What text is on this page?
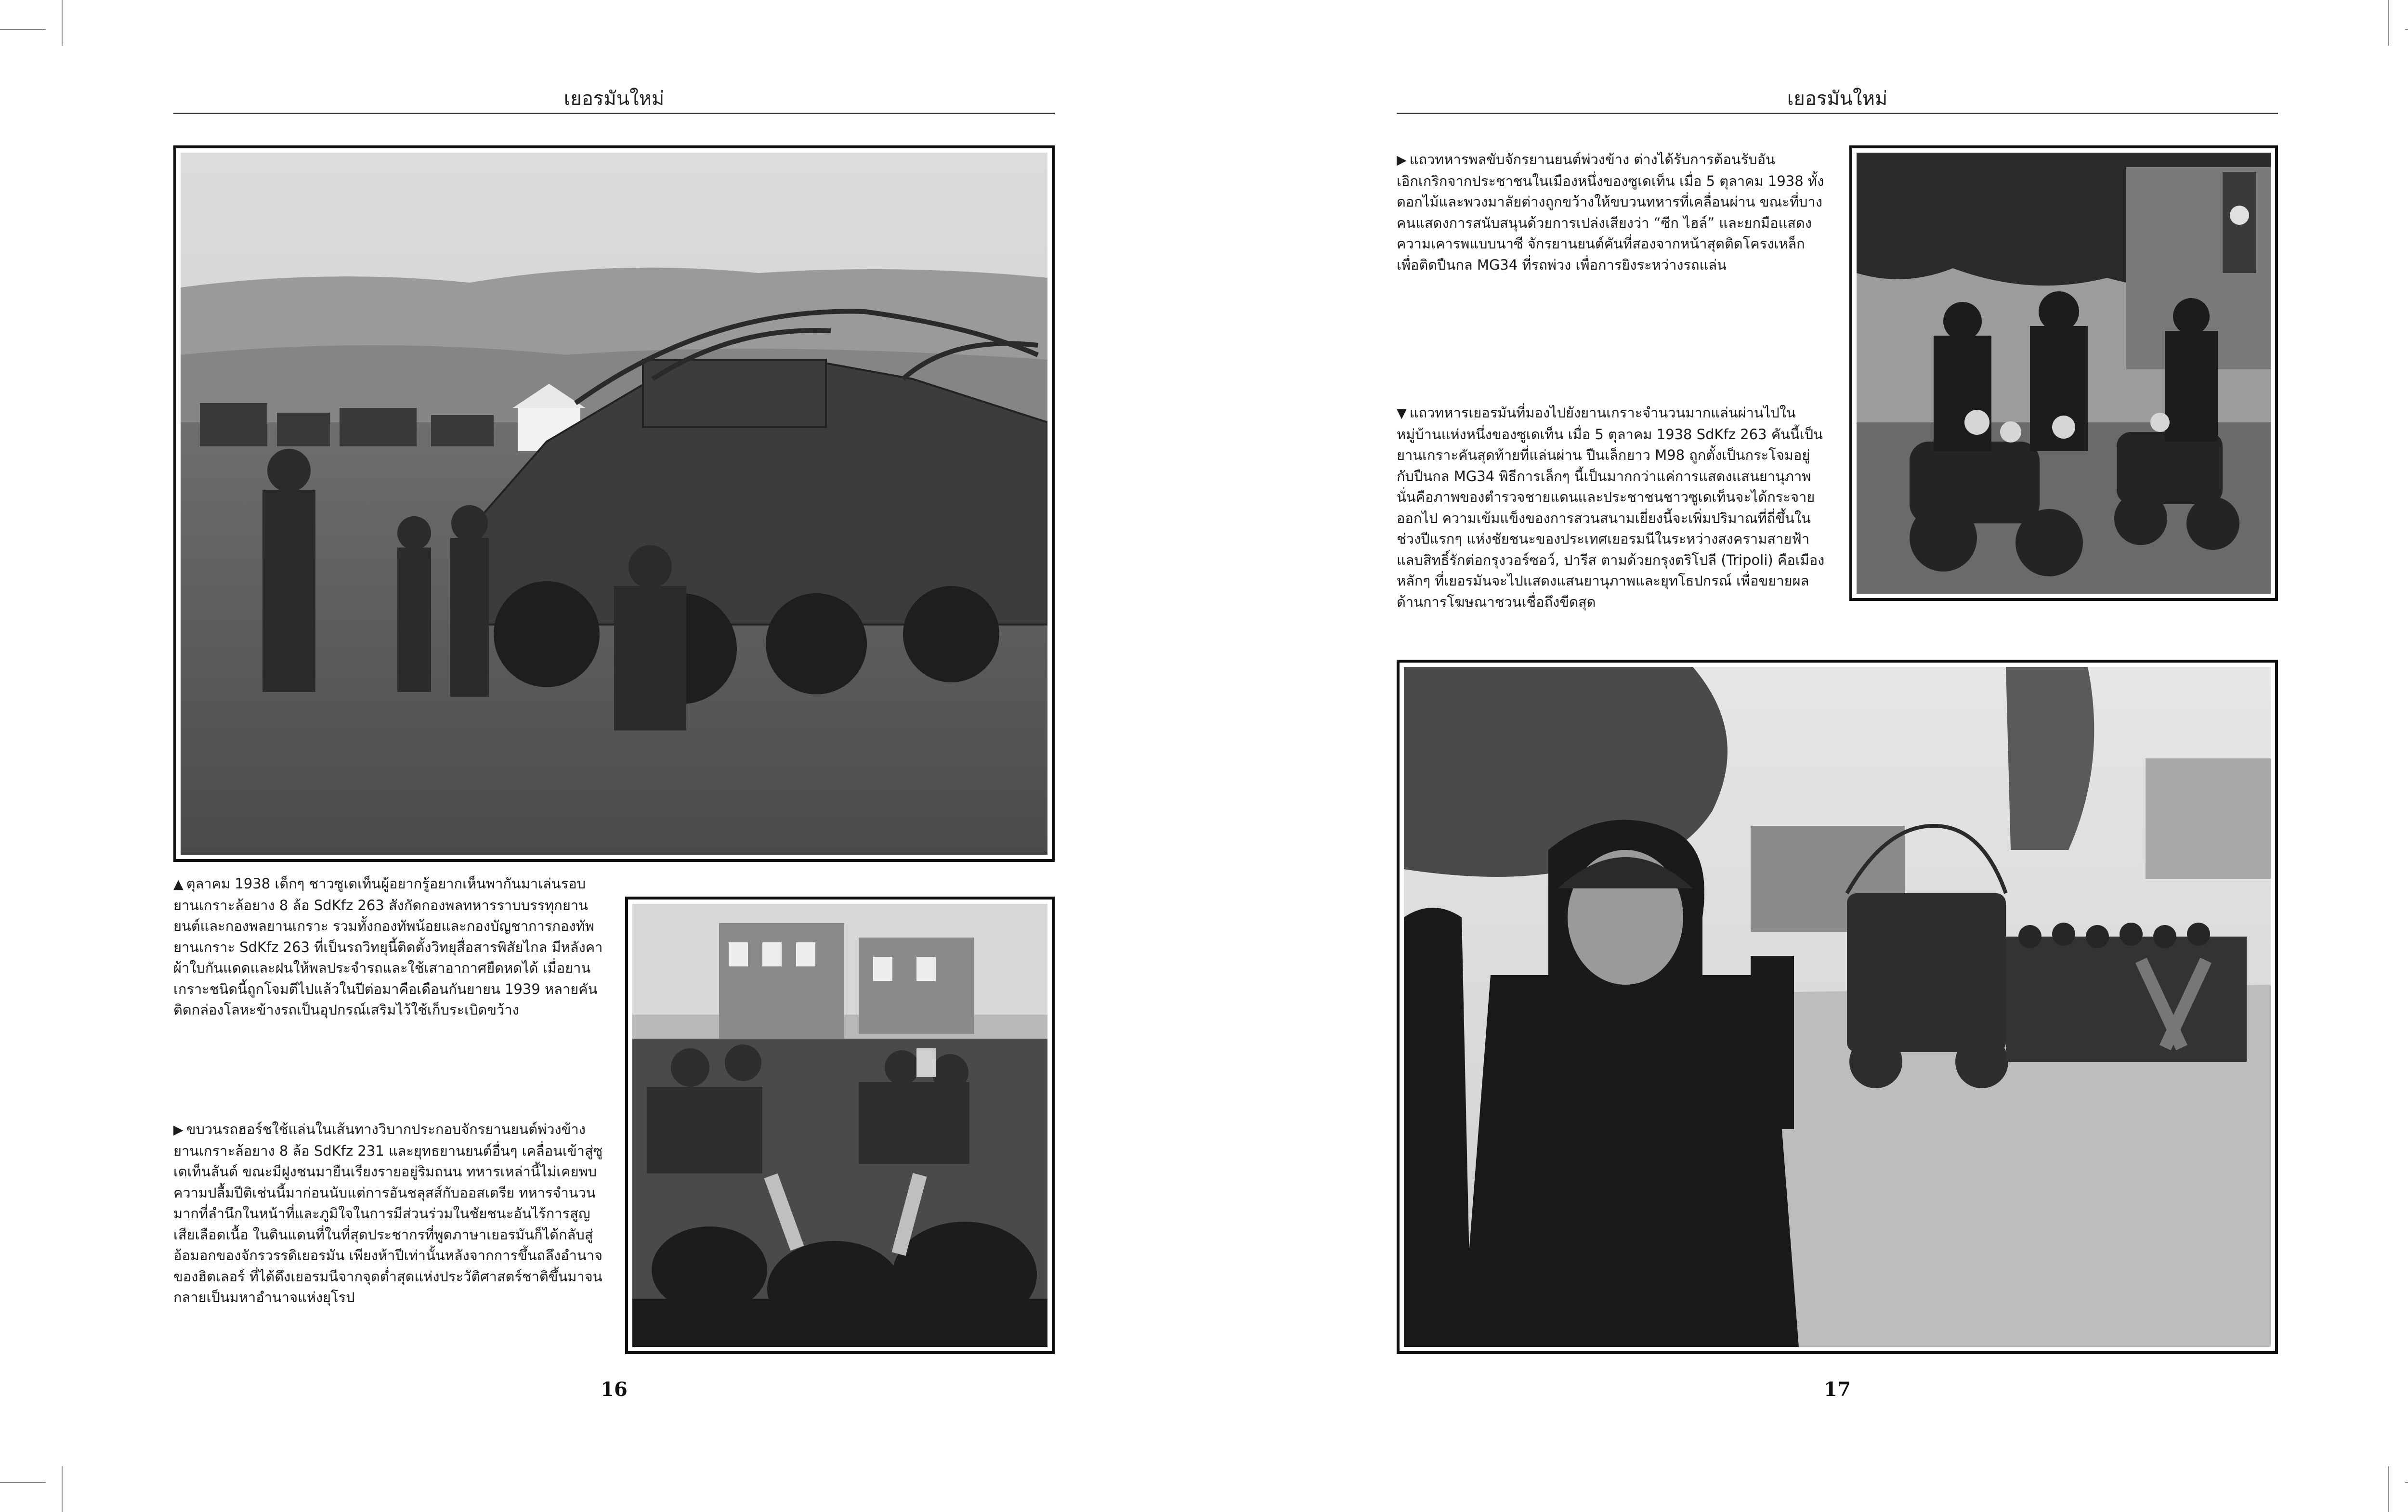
เยอรมันใหม่
▲ ตุลาคม 1938 เด็กๆ ชาวซูเดเท็นผู้อยากรู้อยากเห็นพากันมาเล่นรอบยานเกราะล้อยาง 8 ล้อ SdKfz 263 สังกัดกองพลทหารราบบรรทุกยานยนต์และกองพลยานเกราะ รวมทั้งกองทัพน้อยและกองบัญชาการกองทัพ ยานเกราะ SdKfz 263 ที่เป็นรถวิทยุนี้ติดตั้งวิทยุสื่อสารพิสัยไกล มีหลังคาผ้าใบกันแดดและฝนให้พลประจำรถและใช้เสาอากาศยืดหดได้ เมื่อยานเกราะชนิดนี้ถูกโจมตีไปแล้วในปีต่อมาคือเดือนกันยายน 1939 หลายคันติดกล่องโลหะข้างรถเป็นอุปกรณ์เสริมไว้ใช้เก็บระเบิดขว้าง
▶ ขบวนรถฮอร์ชใช้แล่นในเส้นทางวิบากประกอบจักรยานยนต์พ่วงข้าง ยานเกราะล้อยาง 8 ล้อ SdKfz 231 และยุทธยานยนต์อื่นๆ เคลื่อนเข้าสู่ซูเดเท็นลันด์ ขณะมีฝูงชนมายืนเรียงรายอยู่ริมถนน ทหารเหล่านี้ไม่เคยพบความปลื้มปีติเช่นนี้มาก่อนนับแต่การอันชลุสส์กับออสเตรีย ทหารจำนวนมากที่ลำนึกในหน้าที่และภูมิใจในการมีส่วนร่วมในชัยชนะอันไร้การสูญเสียเลือดเนื้อ ในดินแดนที่ในที่สุดประชากรที่พูดภาษาเยอรมันก็ได้กลับสู่อ้อมอกของจักรวรรดิเยอรมัน เพียงห้าปีเท่านั้นหลังจากการขึ้นถลึงอำนาจของฮิตเลอร์ ที่ได้ดึงเยอรมนีจากจุดต่ำสุดแห่งประวัติศาสตร์ชาติขึ้นมาจนกลายเป็นมหาอำนาจแห่งยุโรป
16
เยอรมันใหม่
▶ แถวทหารพลขับจักรยานยนต์พ่วงข้าง ต่างได้รับการต้อนรับอันเอิกเกริกจากประชาชนในเมืองหนึ่งของซูเดเท็น เมื่อ 5 ตุลาคม 1938 ทั้งดอกไม้และพวงมาลัยต่างถูกขว้างให้ขบวนทหารที่เคลื่อนผ่าน ขณะที่บางคนแสดงการสนับสนุนด้วยการเปล่งเสียงว่า “ซีก ไฮล์” และยกมือแสดงความเคารพแบบนาซี จักรยานยนต์คันที่สองจากหน้าสุดติดโครงเหล็กเพื่อติดปืนกล MG34 ที่รถพ่วง เพื่อการยิงระหว่างรถแล่น
▼ แถวทหารเยอรมันที่มองไปยังยานเกราะจำนวนมากแล่นผ่านไปในหมู่บ้านแห่งหนึ่งของซูเดเท็น เมื่อ 5 ตุลาคม 1938 SdKfz 263 คันนี้เป็นยานเกราะคันสุดท้ายที่แล่นผ่าน ปืนเล็กยาว M98 ถูกตั้งเป็นกระโจมอยู่กับปืนกล MG34 พิธีการเล็กๆ นี้เป็นมากกว่าแค่การแสดงแสนยานุภาพ นั่นคือภาพของตำรวจชายแดนและประชาชนชาวซูเดเท็นจะได้กระจายออกไป ความเข้มแข็งของการสวนสนามเยี่ยงนี้จะเพิ่มปริมาณที่ถี่ขึ้นในช่วงปีแรกๆ แห่งชัยชนะของประเทศเยอรมนีในระหว่างสงครามสายฟ้าแลบสิทธิ์รักต่อกรุงวอร์ซอว์, ปารีส ตามด้วยกรุงตริโปลี (Tripoli) คือเมืองหลักๆ ที่เยอรมันจะไปแสดงแสนยานุภาพและยุทโธปกรณ์ เพื่อขยายผลด้านการโฆษณาชวนเชื่อถึงขีดสุด
17
